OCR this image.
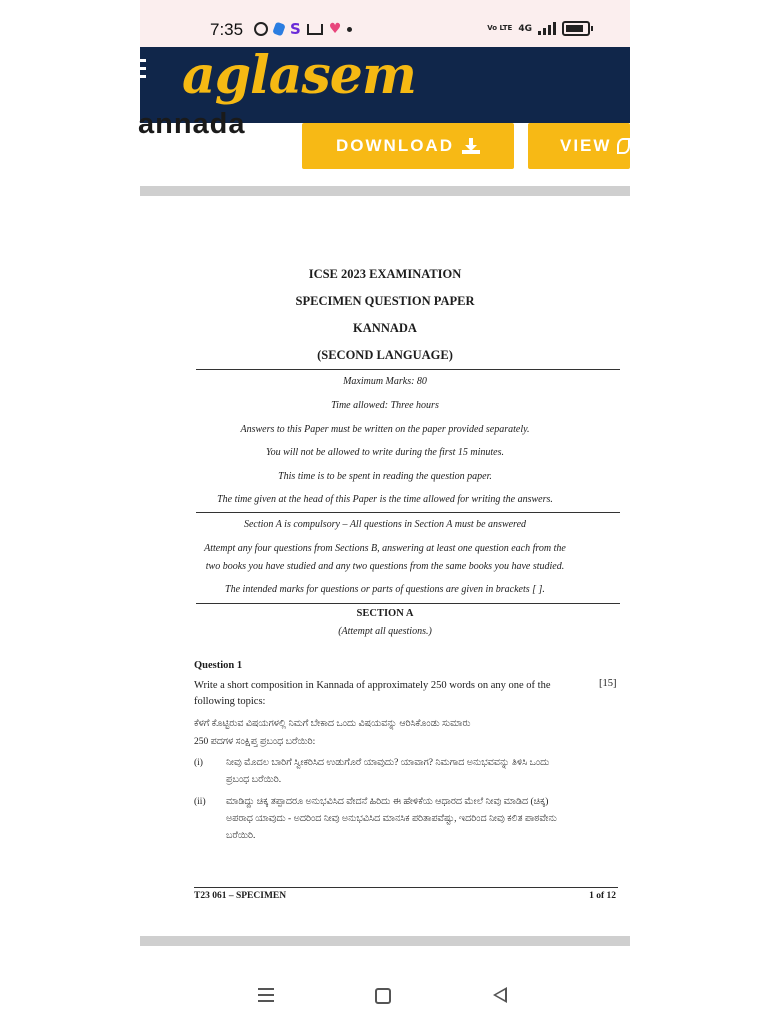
7:35	S ♥	Vo LTE 4G
aglasem
annada
DOWNLOAD	VIEW
ICSE 2023 EXAMINATION
SPECIMEN QUESTION PAPER
KANNADA
(SECOND LANGUAGE)
Maximum Marks: 80
Time allowed: Three hours
Answers to this Paper must be written on the paper provided separately.
You will not be allowed to write during the first 15 minutes.
This time is to be spent in reading the question paper.
The time given at the head of this Paper is the time allowed for writing the answers.
Section A is compulsory – All questions in Section A must be answered
Attempt any four questions from Sections B, answering at least one question each from the
two books you have studied and any two questions from the same books you have studied.
The intended marks for questions or parts of questions are given in brackets [ ].
SECTION A
(Attempt all questions.)
Question 1
Write a short composition in Kannada of approximately 250 words on any one of the following topics:
[15]
ಕೆಳಗೆ ಕೊಟ್ಟಿರುವ ವಿಷಯಗಳಲ್ಲಿ ನಿಮಗೆ ಬೇಕಾದ ಒಂದು ವಿಷಯವನ್ನು ಆರಿಸಿಕೊಂಡು ಸುಮಾರು
250 ಪದಗಳ ಸಂಕ್ಷಿಪ್ತ ಪ್ರಬಂಧ ಬರೆಯಿರಿ:
(i) ನೀವು ಮೊದಲ ಬಾರಿಗೆ ಸ್ವೀಕರಿಸಿದ ಉಡುಗೊರೆ ಯಾವುದು? ಯಾವಾಗ? ನಿಮಗಾದ ಅನುಭವವನ್ನು ತಿಳಿಸಿ ಒಂದು ಪ್ರಬಂಧ ಬರೆಯಿರಿ.
(ii) ಮಾಡಿದ್ದು ಚಿಕ್ಕ ತಪ್ಪಾದರೂ ಅನುಭವಿಸಿದ ವೇದನೆ ಹಿರಿದು ಈ ಹೇಳಿಕೆಯ ಆಧಾರದ ಮೇಲೆ ನೀವು ಮಾಡಿದ (ಚಿಕ್ಕ) ಅಪರಾಧ ಯಾವುದು - ಅದರಿಂದ ನೀವು ಅನುಭವಿಸಿದ ಮಾನಸಿಕ ಪರಿತಾಪವೆಷ್ಟು, ಇದರಿಂದ ನೀವು ಕಲಿತ ಪಾಠವೇನು ಬರೆಯಿರಿ.
T23 061 – SPECIMEN	1 of 12
